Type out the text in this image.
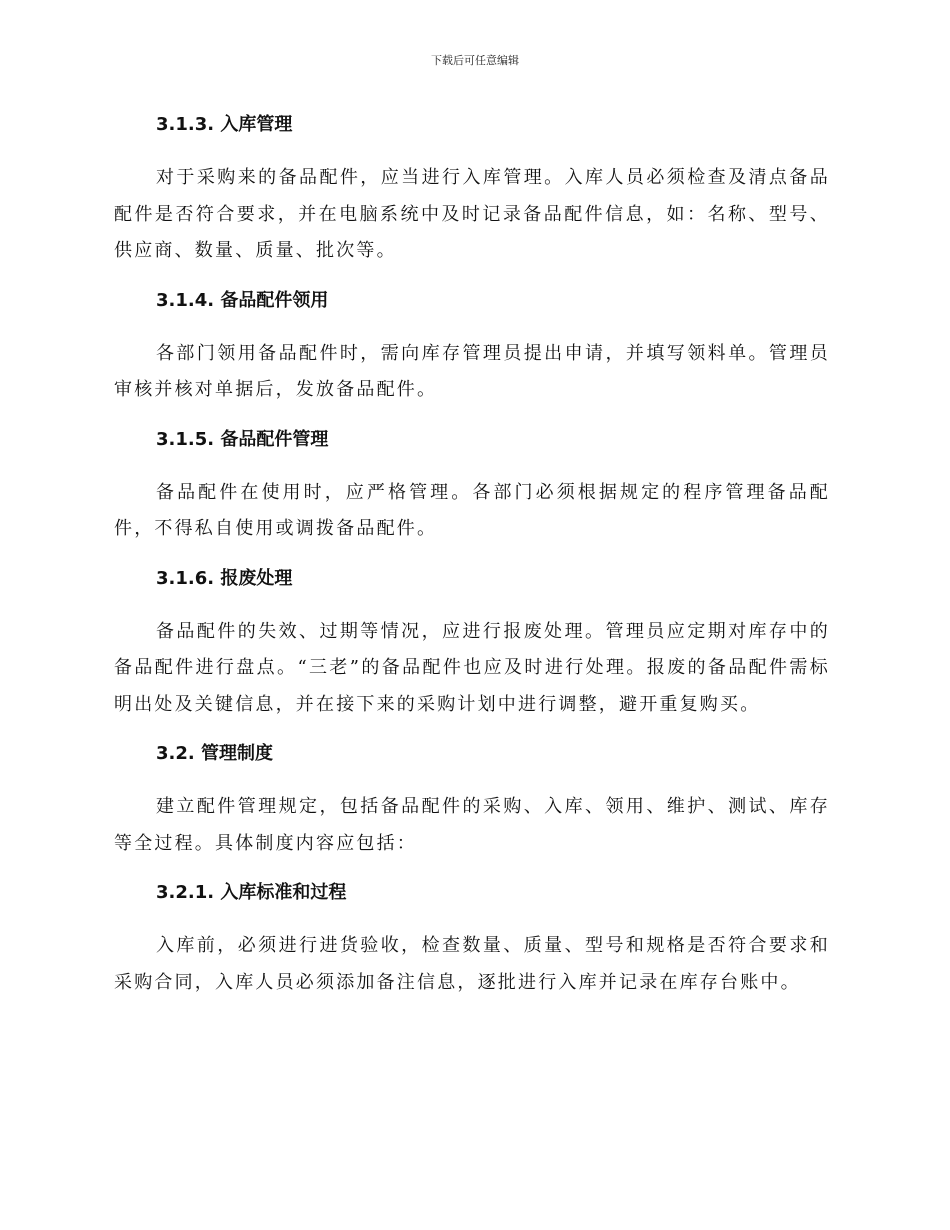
下载后可任意编辑
3.1.3. 入库管理

对于采购来的备品配件，应当进行入库管理。入库人员必须检查及清点备品配件是否符合要求，并在电脑系统中及时记录备品配件信息，如：名称、型号、供应商、数量、质量、批次等。

3.1.4. 备品配件领用

各部门领用备品配件时，需向库存管理员提出申请，并填写领料单。管理员审核并核对单据后，发放备品配件。

3.1.5. 备品配件管理

备品配件在使用时，应严格管理。各部门必须根据规定的程序管理备品配件，不得私自使用或调拨备品配件。

3.1.6. 报废处理

备品配件的失效、过期等情况，应进行报废处理。管理员应定期对库存中的备品配件进行盘点。“三老”的备品配件也应及时进行处理。报废的备品配件需标明出处及关键信息，并在接下来的采购计划中进行调整，避开重复购买。

3.2. 管理制度

建立配件管理规定，包括备品配件的采购、入库、领用、维护、测试、库存等全过程。具体制度内容应包括：

3.2.1. 入库标准和过程

入库前，必须进行进货验收，检查数量、质量、型号和规格是否符合要求和采购合同，入库人员必须添加备注信息，逐批进行入库并记录在库存台账中。
